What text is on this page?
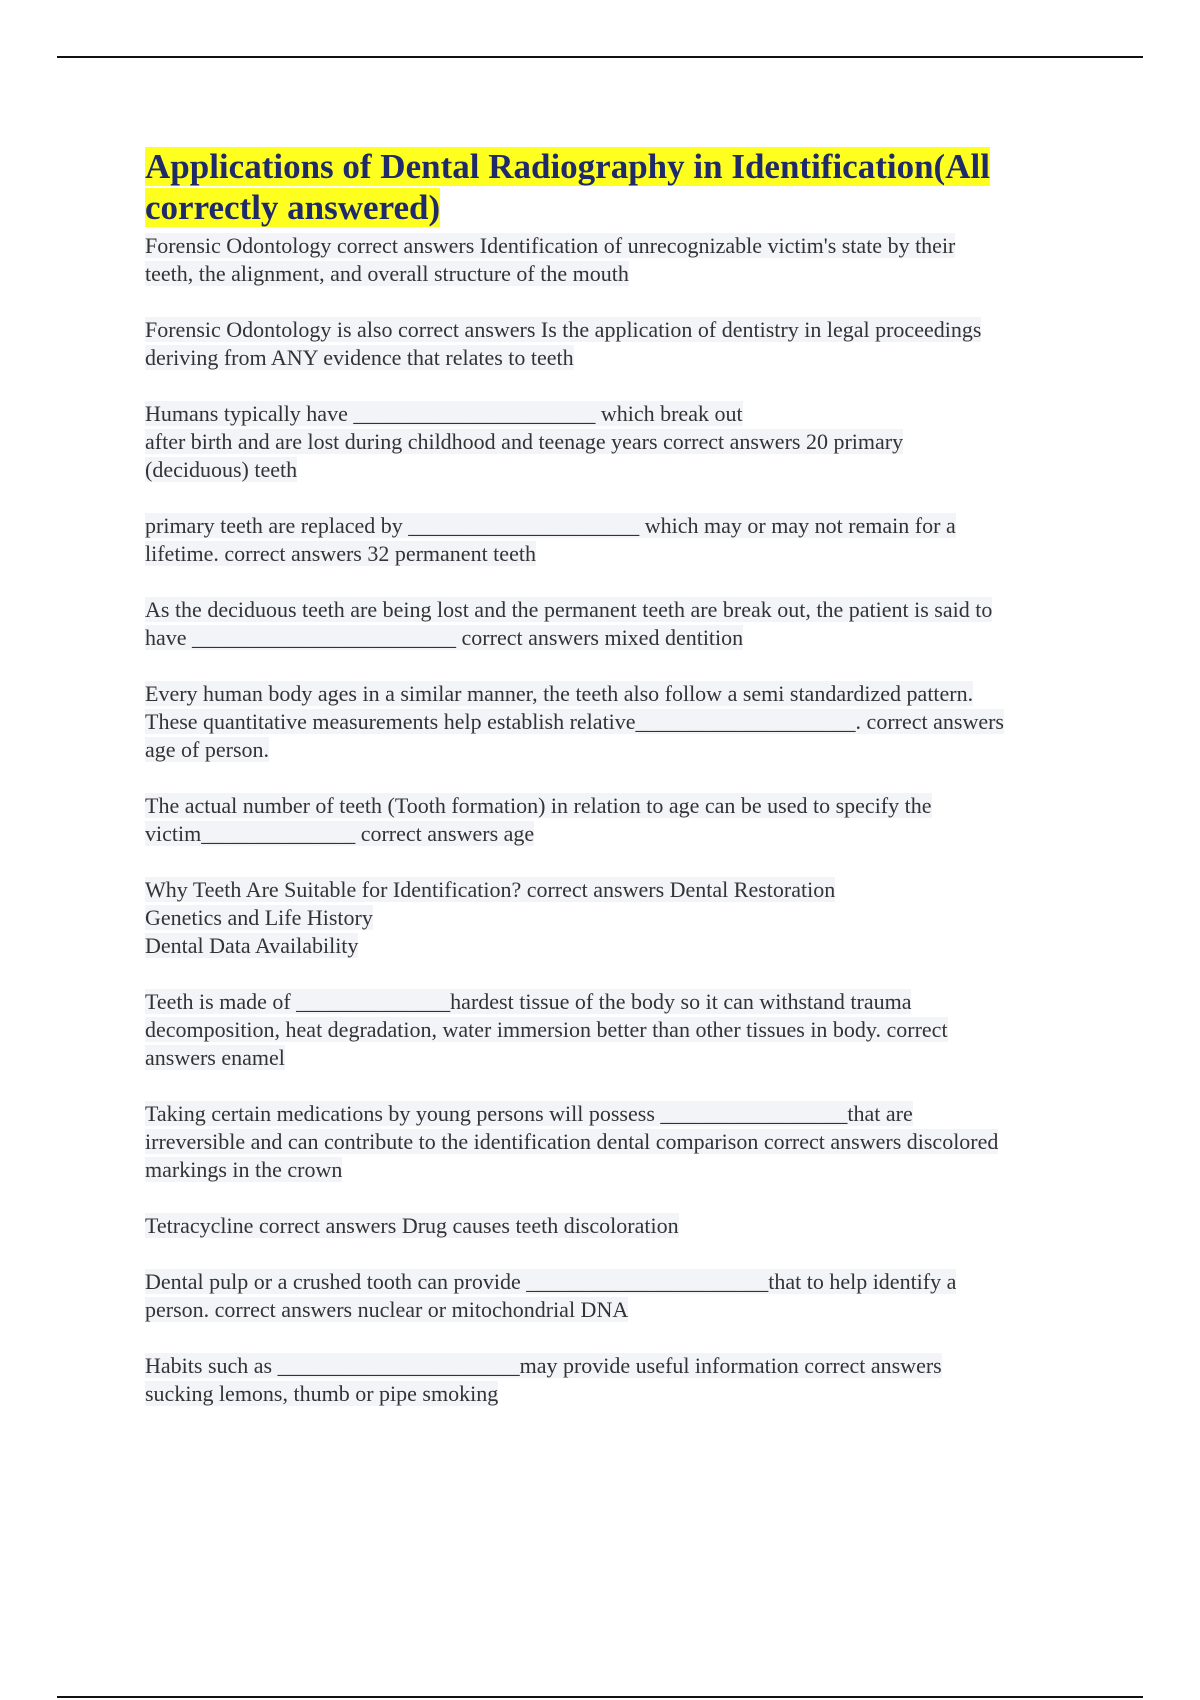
Applications of Dental Radiography in Identification(All correctly answered)

Forensic Odontology correct answers Identification of unrecognizable victim's state by their
teeth, the alignment, and overall structure of the mouth

Forensic Odontology is also correct answers Is the application of dentistry in legal proceedings
deriving from ANY evidence that relates to teeth

Humans typically have ______________________ which break out
after birth and are lost during childhood and teenage years correct answers 20 primary
(deciduous) teeth

primary teeth are replaced by _____________________ which may or may not remain for a
lifetime. correct answers 32 permanent teeth

As the deciduous teeth are being lost and the permanent teeth are break out, the patient is said to
have ________________________ correct answers mixed dentition

Every human body ages in a similar manner, the teeth also follow a semi standardized pattern.
These quantitative measurements help establish relative____________________. correct answers
age of person.

The actual number of teeth (Tooth formation) in relation to age can be used to specify the
victim______________ correct answers age

Why Teeth Are Suitable for Identification? correct answers Dental Restoration
Genetics and Life History
Dental Data Availability

Teeth is made of ______________hardest tissue of the body so it can withstand trauma
decomposition, heat degradation, water immersion better than other tissues in body. correct
answers enamel

Taking certain medications by young persons will possess _________________that are
irreversible and can contribute to the identification dental comparison correct answers discolored
markings in the crown

Tetracycline correct answers Drug causes teeth discoloration

Dental pulp or a crushed tooth can provide ______________________that to help identify a
person. correct answers nuclear or mitochondrial DNA

Habits such as ______________________may provide useful information correct answers
sucking lemons, thumb or pipe smoking
